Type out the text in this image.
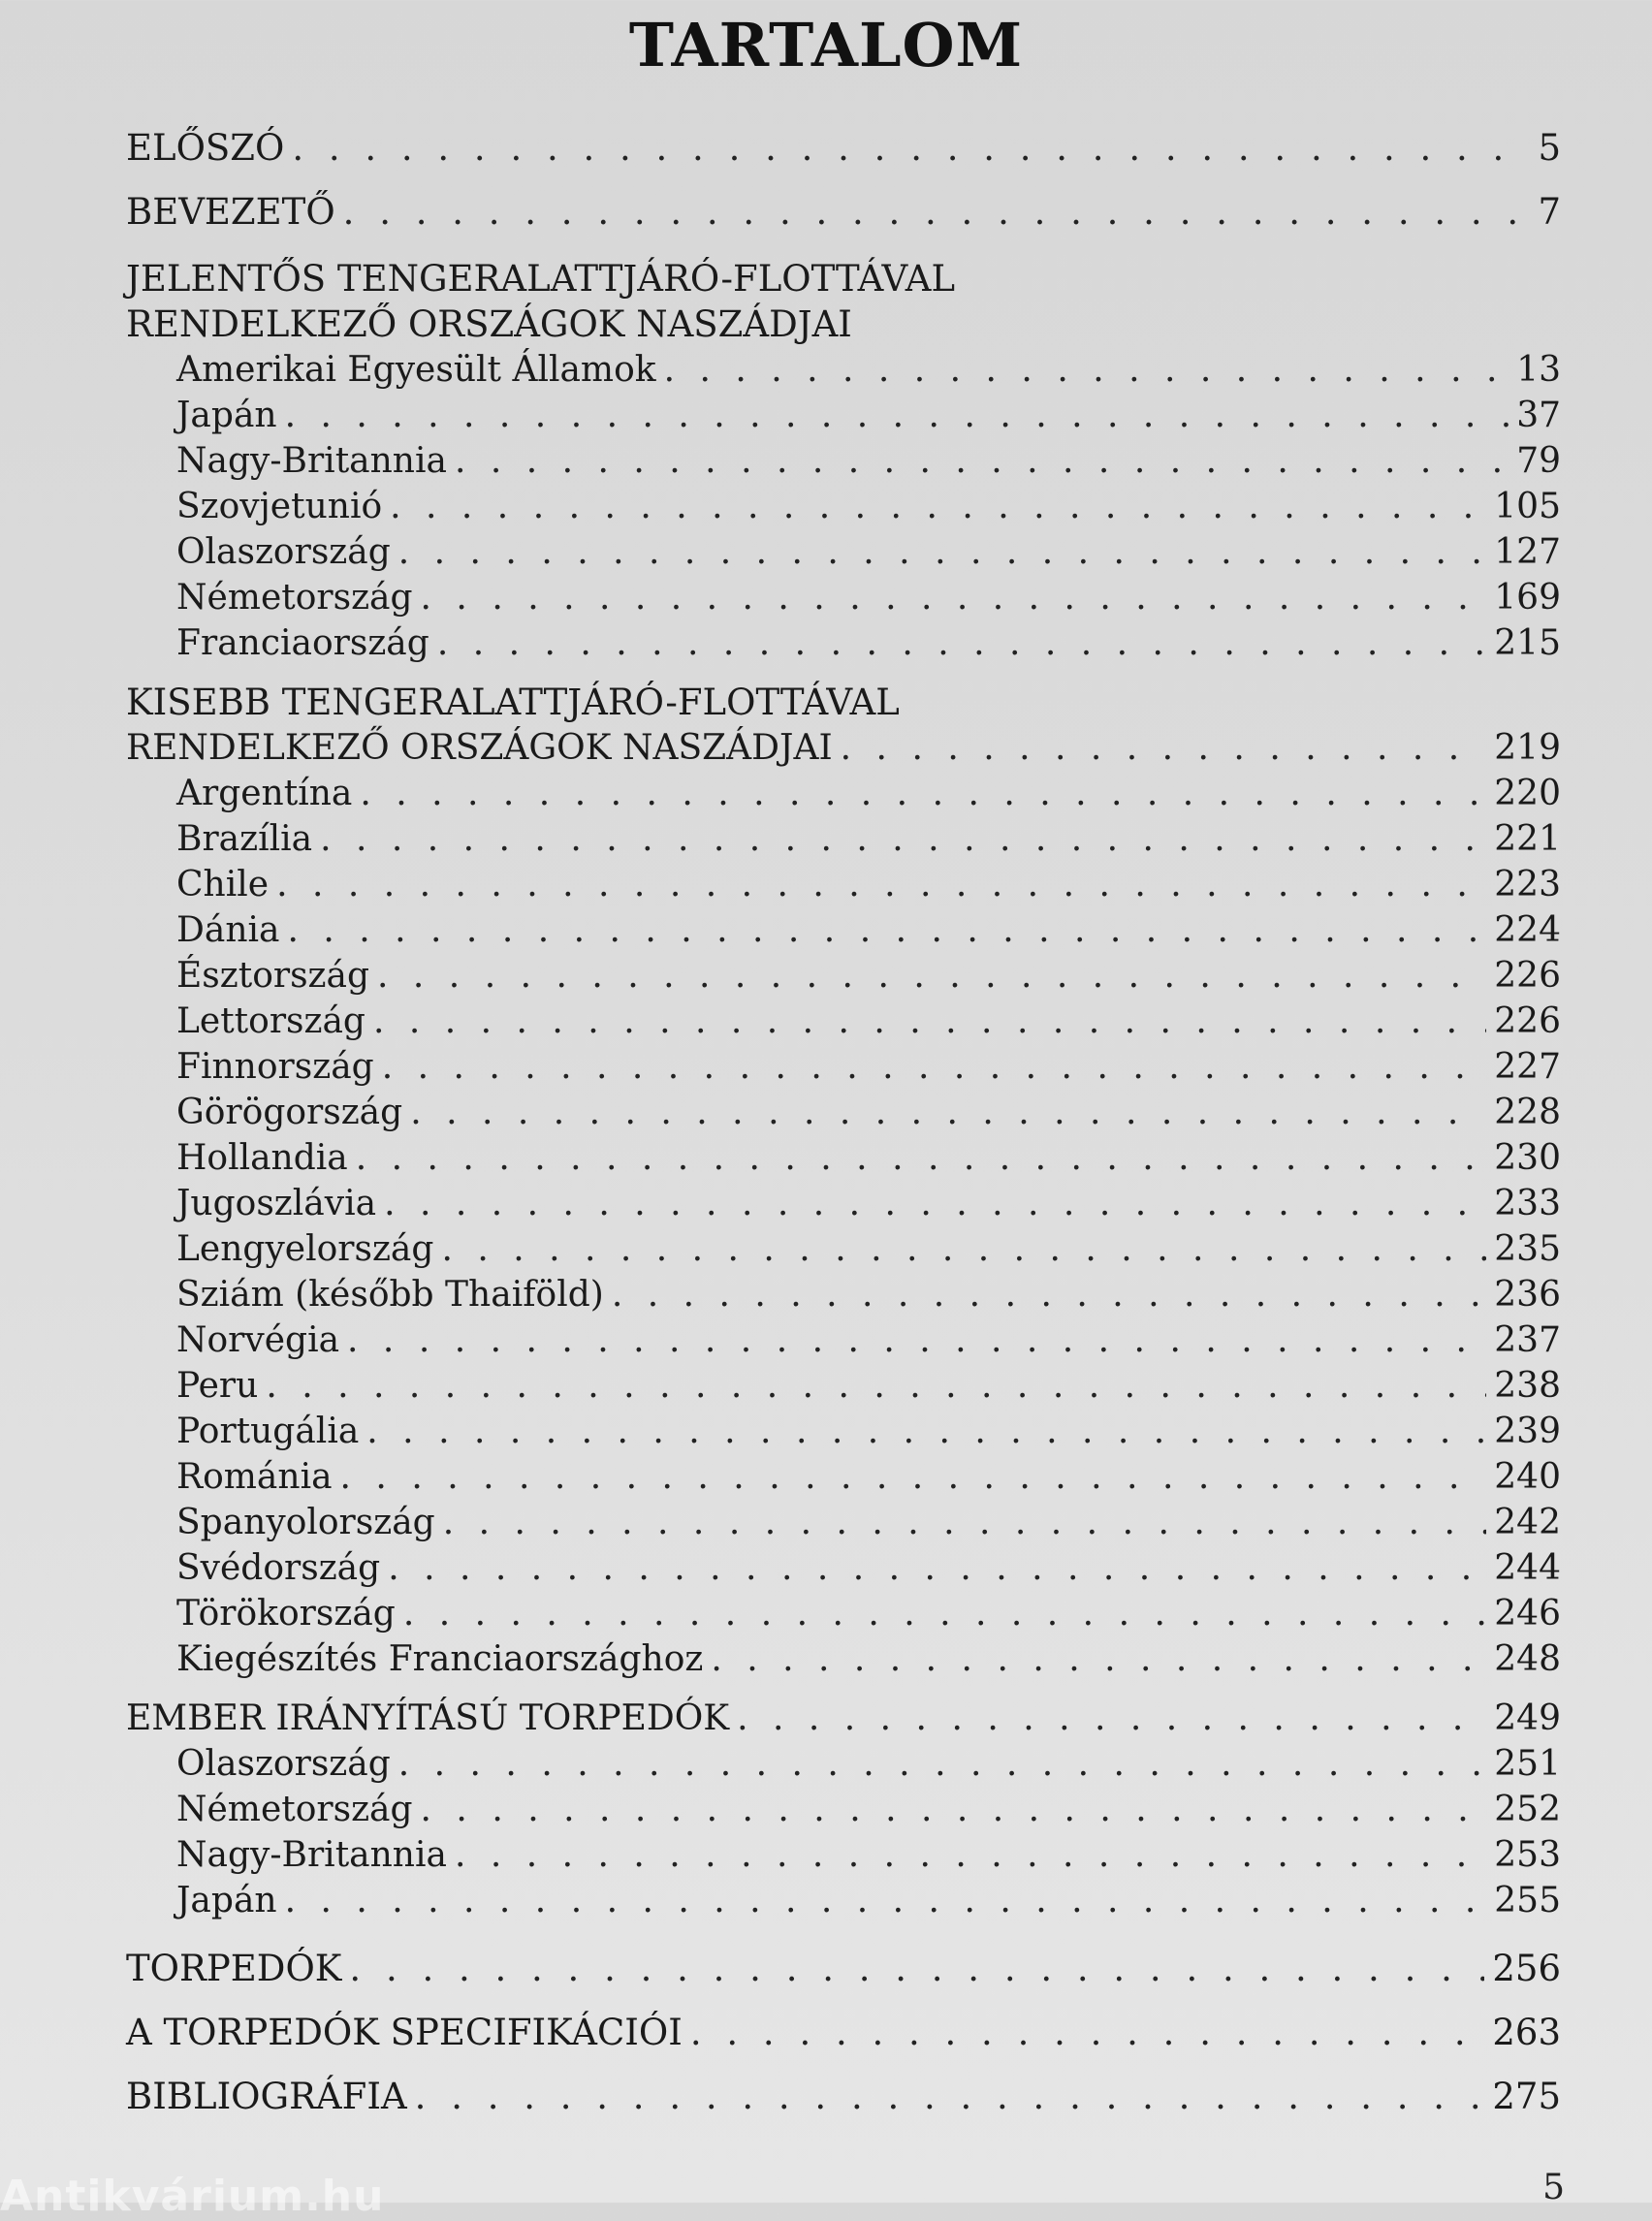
TARTALOM
ELŐSZÓ . . .	5
BEVEZETŐ . . .	7
JELENTŐS TENGERALATTJÁRÓ-FLOTTÁVAL
RENDELKEZŐ ORSZÁGOK NASZÁDJAI
Amerikai Egyesült Államok . . .	13
Japán . . .	37
Nagy-Britannia . . .	79
Szovjetunió . . .	105
Olaszország . . .	127
Németország . . .	169
Franciaország . . .	215
KISEBB TENGERALATTJÁRÓ-FLOTTÁVAL
RENDELKEZŐ ORSZÁGOK NASZÁDJAI . . .	219
Argentína . . .	220
Brazília . . .	221
Chile . . .	223
Dánia . . .	224
Észtország . . .	226
Lettország . . .	226
Finnország . . .	227
Görögország . . .	228
Hollandia . . .	230
Jugoszlávia . . .	233
Lengyelország . . .	235
Sziám (később Thaiföld) . . .	236
Norvégia . . .	237
Peru . . .	238
Portugália . . .	239
Románia . . .	240
Spanyolország . . .	242
Svédország . . .	244
Törökország . . .	246
Kiegészítés Franciaországhoz . . .	248
EMBER IRÁNYÍTÁSÚ TORPEDÓK . . .	249
Olaszország . . .	251
Németország . . .	252
Nagy-Britannia . . .	253
Japán . . .	255
TORPEDÓK . . .	256
A TORPEDÓK SPECIFIKÁCIÓI . . .	263
BIBLIOGRÁFIA . . .	275
Antikvárium.hu	5
